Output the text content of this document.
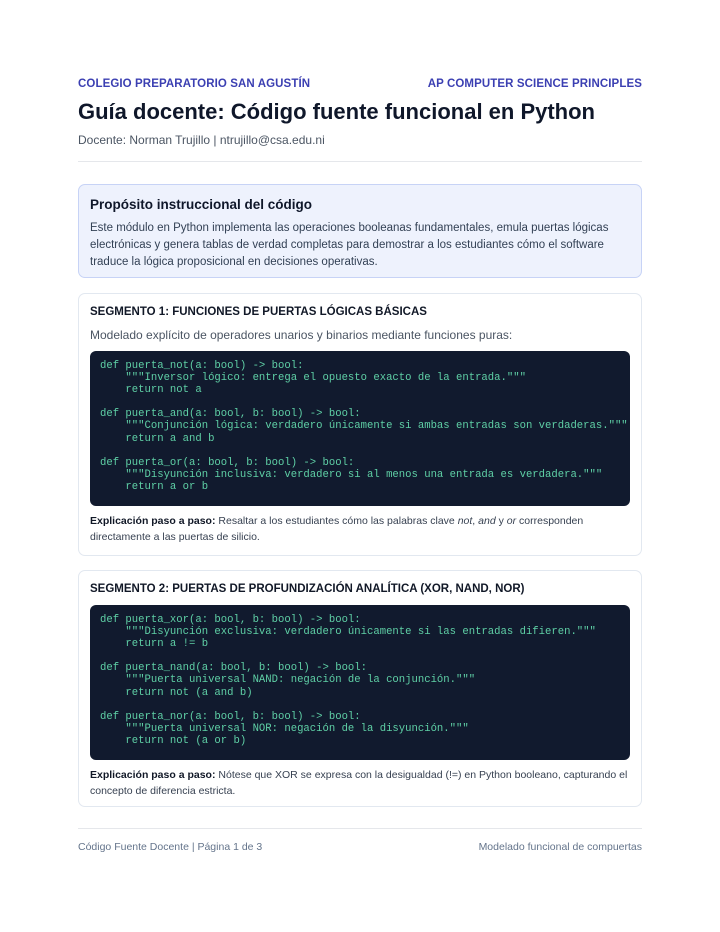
COLEGIO PREPARATORIO SAN AGUSTÍN	AP COMPUTER SCIENCE PRINCIPLES
Guía docente: Código fuente funcional en Python
Docente: Norman Trujillo | ntrujillo@csa.edu.ni
Propósito instruccional del código

Este módulo en Python implementa las operaciones booleanas fundamentales, emula puertas lógicas electrónicas y genera tablas de verdad completas para demostrar a los estudiantes cómo el software traduce la lógica proposicional en decisiones operativas.

SEGMENTO 1: FUNCIONES DE PUERTAS LÓGICAS BÁSICAS

Modelado explícito de operadores unarios y binarios mediante funciones puras:

def puerta_not(a: bool) -> bool:
"""Inversor lógico: entrega el opuesto exacto de la entrada."""
return not a

def puerta_and(a: bool, b: bool) -> bool:
"""Conjunción lógica: verdadero únicamente si ambas entradas son verdaderas."""
return a and b

def puerta_or(a: bool, b: bool) -> bool:
"""Disyunción inclusiva: verdadero si al menos una entrada es verdadera."""
return a or b

Explicación paso a paso: Resaltar a los estudiantes cómo las palabras clave not, and y or corresponden directamente a las puertas de silicio.

SEGMENTO 2: PUERTAS DE PROFUNDIZACIÓN ANALÍTICA (XOR, NAND, NOR)
def puerta_xor(a: bool, b: bool) -> bool:
"""Disyunción exclusiva: verdadero únicamente si las entradas difieren."""
return a != b

def puerta_nand(a: bool, b: bool) -> bool:
"""Puerta universal NAND: negación de la conjunción."""
return not (a and b)

def puerta_nor(a: bool, b: bool) -> bool:
"""Puerta universal NOR: negación de la disyunción."""
return not (a or b)

Explicación paso a paso: Nótese que XOR se expresa con la desigualdad (!=) en Python booleano, capturando el concepto de diferencia estricta.

Código Fuente Docente | Página 1 de 3	Modelado funcional de compuertas
